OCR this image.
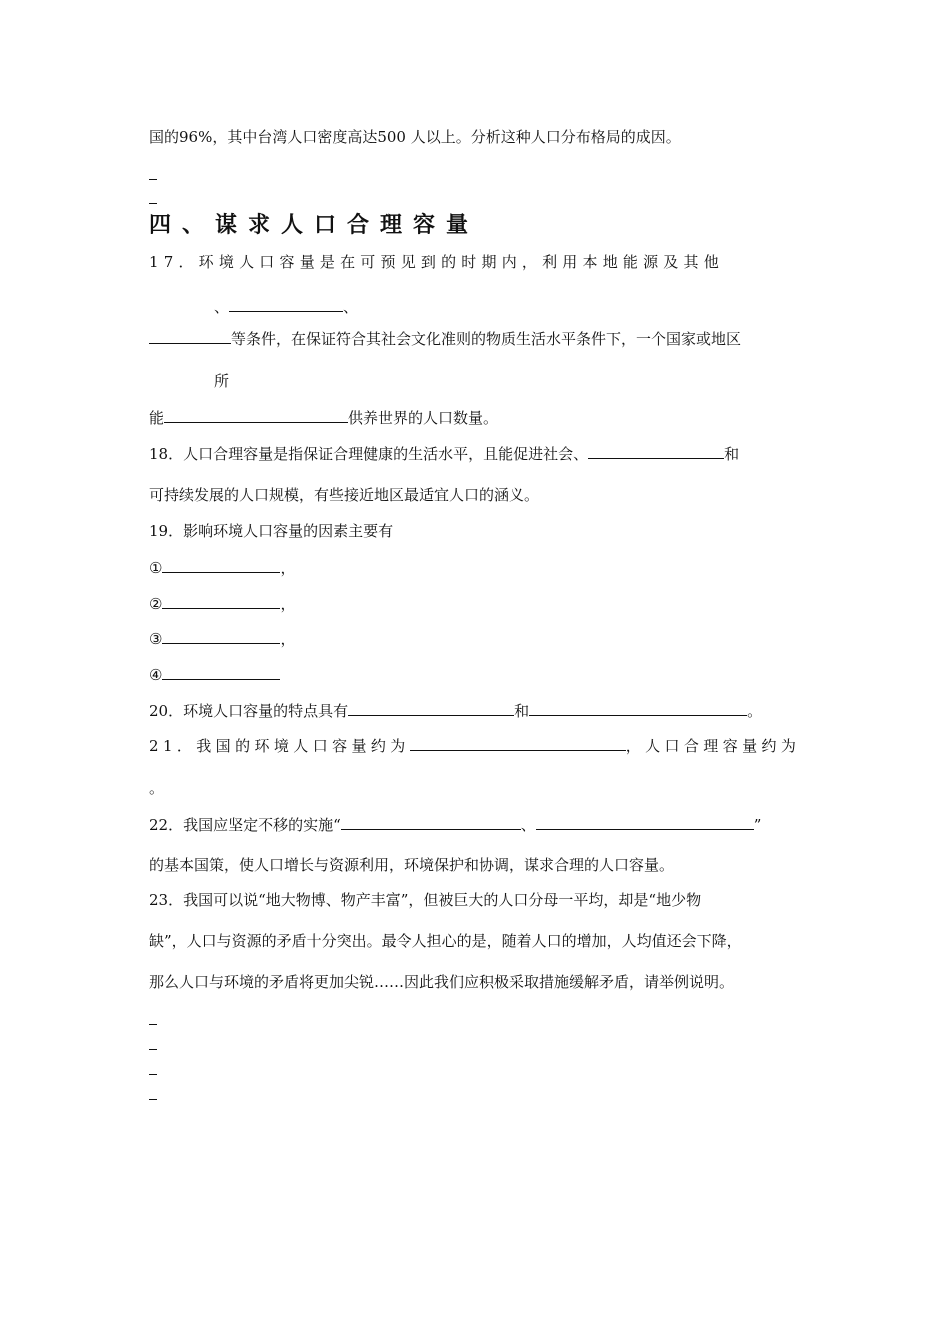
国的96%，其中台湾人口密度高达500 人以上。分析这种人口分布格局的成因。
四、谋求人口合理容量
17．环境人口容量是在可预见到的时期内，利用本地能源及其他
、	、
等条件，在保证符合其社会文化准则的物质生活水平条件下，一个国家或地区
所
能	供养世界的人口数量。
18．人口合理容量是指保证合理健康的生活水平，且能促进社会、	和
可持续发展的人口规模，有些接近地区最适宜人口的涵义。
19．影响环境人口容量的因素主要有
①	，
②	，
③	，
④
20．环境人口容量的特点具有	和	。
21．我国的环境人口容量约为	，人口合理容量约为
。
22．我国应坚定不移的实施“	、	”
的基本国策，使人口增长与资源利用，环境保护和协调，谋求合理的人口容量。
23．我国可以说“地大物博、物产丰富”，但被巨大的人口分母一平均，却是“地少物
缺”，人口与资源的矛盾十分突出。最令人担心的是，随着人口的增加，人均值还会下降，
那么人口与环境的矛盾将更加尖锐……因此我们应积极采取措施缓解矛盾，请举例说明。
